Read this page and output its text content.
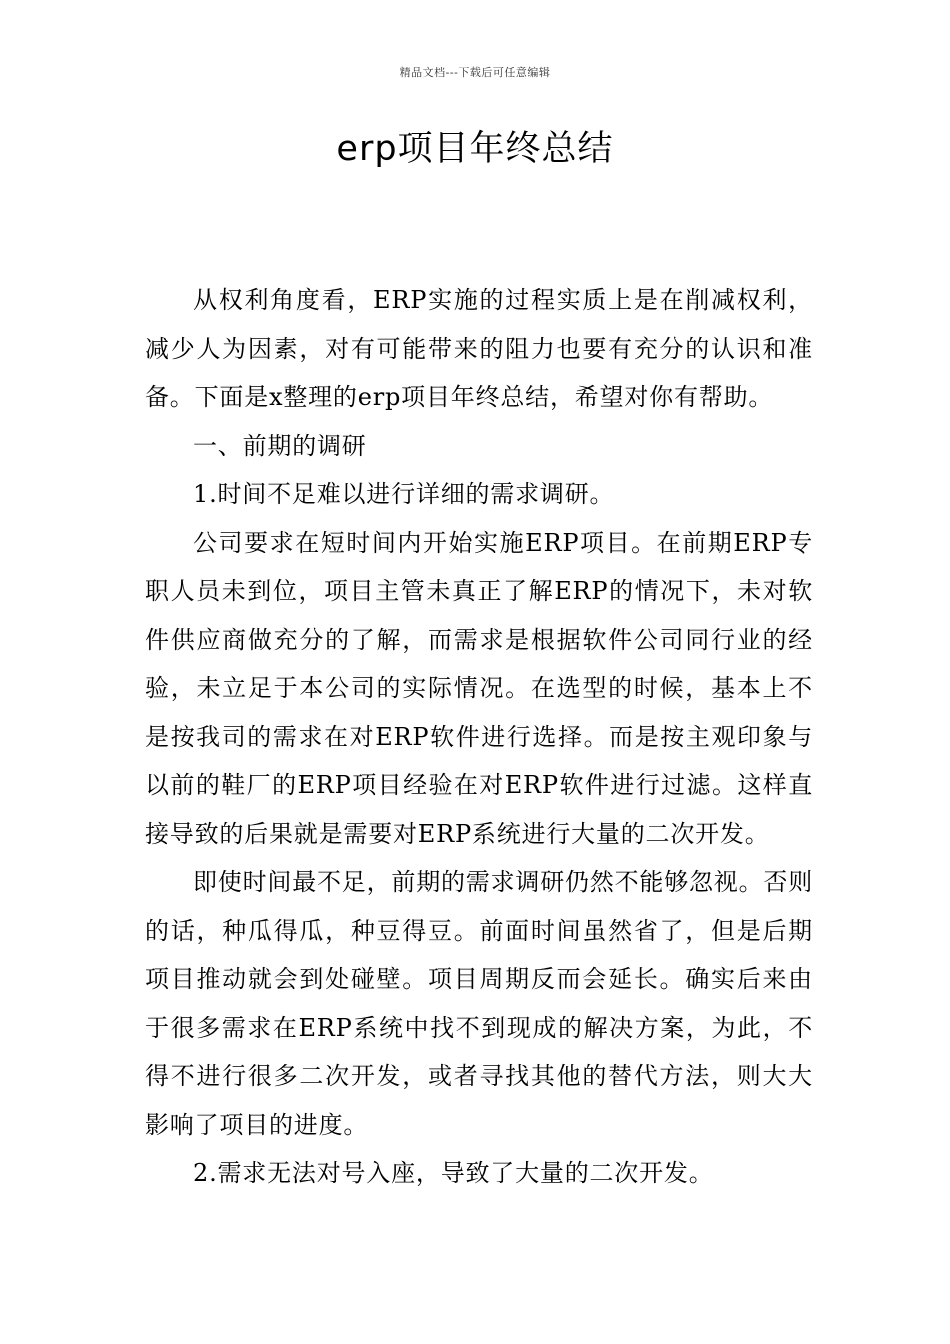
精品文档---下载后可任意编辑
erp项目年终总结

从权利角度看，ERP实施的过程实质上是在削减权利，减少人为因素，对有可能带来的阻力也要有充分的认识和准备。下面是x整理的erp项目年终总结，希望对你有帮助。

一、前期的调研

1.时间不足难以进行详细的需求调研。

公司要求在短时间内开始实施ERP项目。在前期ERP专职人员未到位，项目主管未真正了解ERP的情况下，未对软件供应商做充分的了解，而需求是根据软件公司同行业的经验，未立足于本公司的实际情况。在选型的时候，基本上不是按我司的需求在对ERP软件进行选择。而是按主观印象与以前的鞋厂的ERP项目经验在对ERP软件进行过滤。这样直接导致的后果就是需要对ERP系统进行大量的二次开发。

即使时间最不足，前期的需求调研仍然不能够忽视。否则的话，种瓜得瓜，种豆得豆。前面时间虽然省了，但是后期项目推动就会到处碰壁。项目周期反而会延长。确实后来由于很多需求在ERP系统中找不到现成的解决方案，为此，不得不进行很多二次开发，或者寻找其他的替代方法，则大大影响了项目的进度。

2.需求无法对号入座，导致了大量的二次开发。
